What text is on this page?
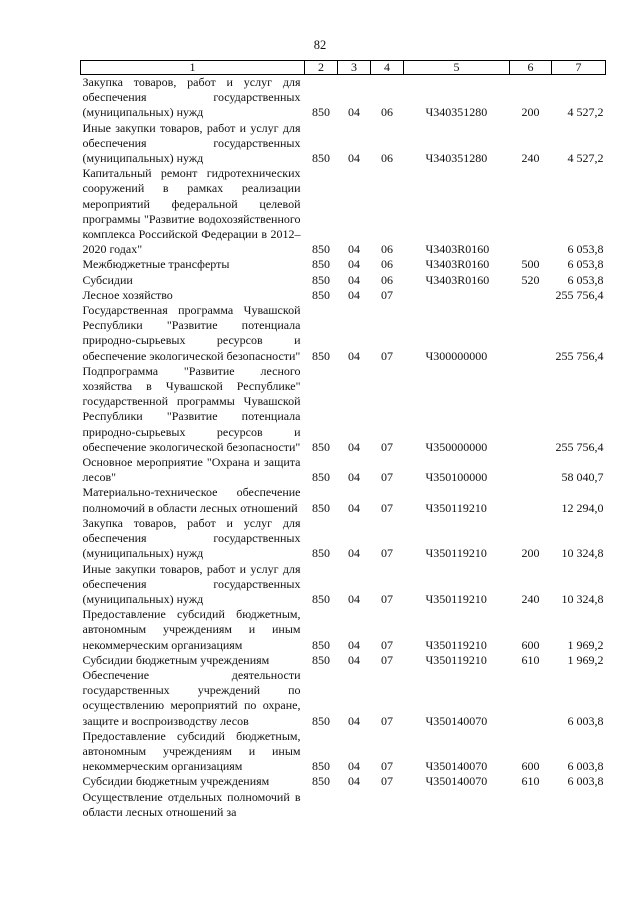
82
1	2	3	4	5	6	7
Закупка товаров, работ и услуг для обеспечения государственных (муниципальных) нужд	850	04	06	Ч340351280	200	4 527,2
Иные закупки товаров, работ и услуг для обеспечения государственных (муниципальных) нужд	850	04	06	Ч340351280	240	4 527,2
Капитальный ремонт гидротехнических сооружений в рамках реализации мероприятий федеральной целевой программы "Развитие водохозяйственного комплекса Российской Федерации в 2012–2020 годах"	850	04	06	Ч3403R0160		6 053,8
Межбюджетные трансферты	850	04	06	Ч3403R0160	500	6 053,8
Субсидии	850	04	06	Ч3403R0160	520	6 053,8
Лесное хозяйство	850	04	07			255 756,4
Государственная программа Чувашской Республики "Развитие потенциала природно-сырьевых ресурсов и обеспечение экологической безопасности"	850	04	07	Ч300000000		255 756,4
Подпрограмма "Развитие лесного хозяйства в Чувашской Республике" государственной программы Чувашской Республики "Развитие потенциала природно-сырьевых ресурсов и обеспечение экологической безопасности"	850	04	07	Ч350000000		255 756,4
Основное мероприятие "Охрана и защита лесов"	850	04	07	Ч350100000		58 040,7
Материально-техническое обеспечение полномочий в области лесных отношений	850	04	07	Ч350119210		12 294,0
Закупка товаров, работ и услуг для обеспечения государственных (муниципальных) нужд	850	04	07	Ч350119210	200	10 324,8
Иные закупки товаров, работ и услуг для обеспечения государственных (муниципальных) нужд	850	04	07	Ч350119210	240	10 324,8
Предоставление субсидий бюджетным, автономным учреждениям и иным некоммерческим организациям	850	04	07	Ч350119210	600	1 969,2
Субсидии бюджетным учреждениям	850	04	07	Ч350119210	610	1 969,2
Обеспечение деятельности государственных учреждений по осуществлению мероприятий по охране, защите и воспроизводству лесов	850	04	07	Ч350140070		6 003,8
Предоставление субсидий бюджетным, автономным учреждениям и иным некоммерческим организациям	850	04	07	Ч350140070	600	6 003,8
Субсидии бюджетным учреждениям	850	04	07	Ч350140070	610	6 003,8
Осуществление отдельных полномочий в области лесных отношений за						
